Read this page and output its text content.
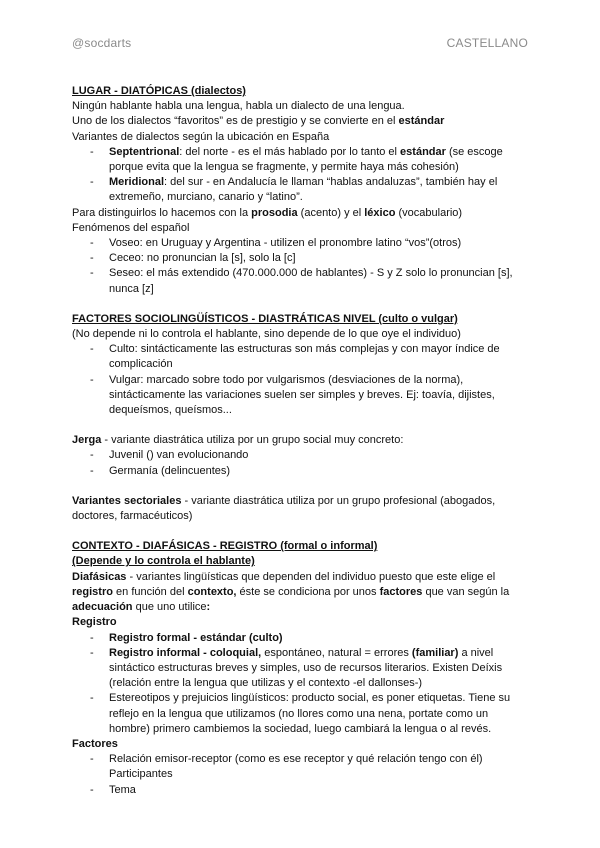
@socdarts	CASTELLANO

LUGAR - DIATÓPICAS (dialectos)

Ningún hablante habla una lengua, habla un dialecto de una lengua.

Uno de los dialectos “favoritos” es de prestigio y se convierte en el estándar

Variantes de dialectos según la ubicación en España

- Septentrional: del norte - es el más hablado por lo tanto el estándar (se escoge porque evita que la lengua se fragmente, y permite haya más cohesión)
- Meridional: del sur - en Andalucía le llaman “hablas andaluzas”, también hay el extremeño, murciano, canario y “latino”.

Para distinguirlos lo hacemos con la prosodia (acento) y el léxico (vocabulario)

Fenómenos del español

- Voseo: en Uruguay y Argentina - utilizen el pronombre latino “vos”(otros)
- Ceceo: no pronuncian la [s], solo la [c]
- Seseo: el más extendido (470.000.000 de hablantes) - S y Z solo lo pronuncian [s], nunca [z]

FACTORES SOCIOLINGÜÍSTICOS - DIASTRÁTICAS NIVEL (culto o vulgar)

(No depende ni lo controla el hablante, sino depende de lo que oye el individuo)

- Culto: sintácticamente las estructuras son más complejas y con mayor índice de complicación
- Vulgar: marcado sobre todo por vulgarismos (desviaciones de la norma), sintácticamente las variaciones suelen ser simples y breves. Ej: toavía, dijistes, dequeísmos, queísmos...

Jerga - variante diastrática utiliza por un grupo social muy concreto:

- Juvenil () van evolucionando
- Germanía (delincuentes)

Variantes sectoriales - variante diastrática utiliza por un grupo profesional (abogados, doctores, farmacéuticos)

CONTEXTO - DIAFÁSICAS - REGISTRO (formal o informal)

(Depende y lo controla el hablante)

Diafásicas - variantes lingüísticas que dependen del individuo puesto que este elige el registro en función del contexto, éste se condiciona por unos factores que van según la adecuación que uno utilice:

Registro

- Registro formal - estándar (culto)
- Registro informal - coloquial, espontáneo, natural = errores (familiar) a nivel sintáctico estructuras breves y simples, uso de recursos literarios. Existen Deíxis (relación entre la lengua que utilizas y el contexto -el dallonses-)
- Estereotipos y prejuicios lingüísticos: producto social, es poner etiquetas. Tiene su reflejo en la lengua que utilizamos (no llores como una nena, portate como un hombre) primero cambiemos la sociedad, luego cambiará la lengua o al revés.

Factores

- Relación emisor-receptor (como es ese receptor y qué relación tengo con él) Participantes
- Tema
